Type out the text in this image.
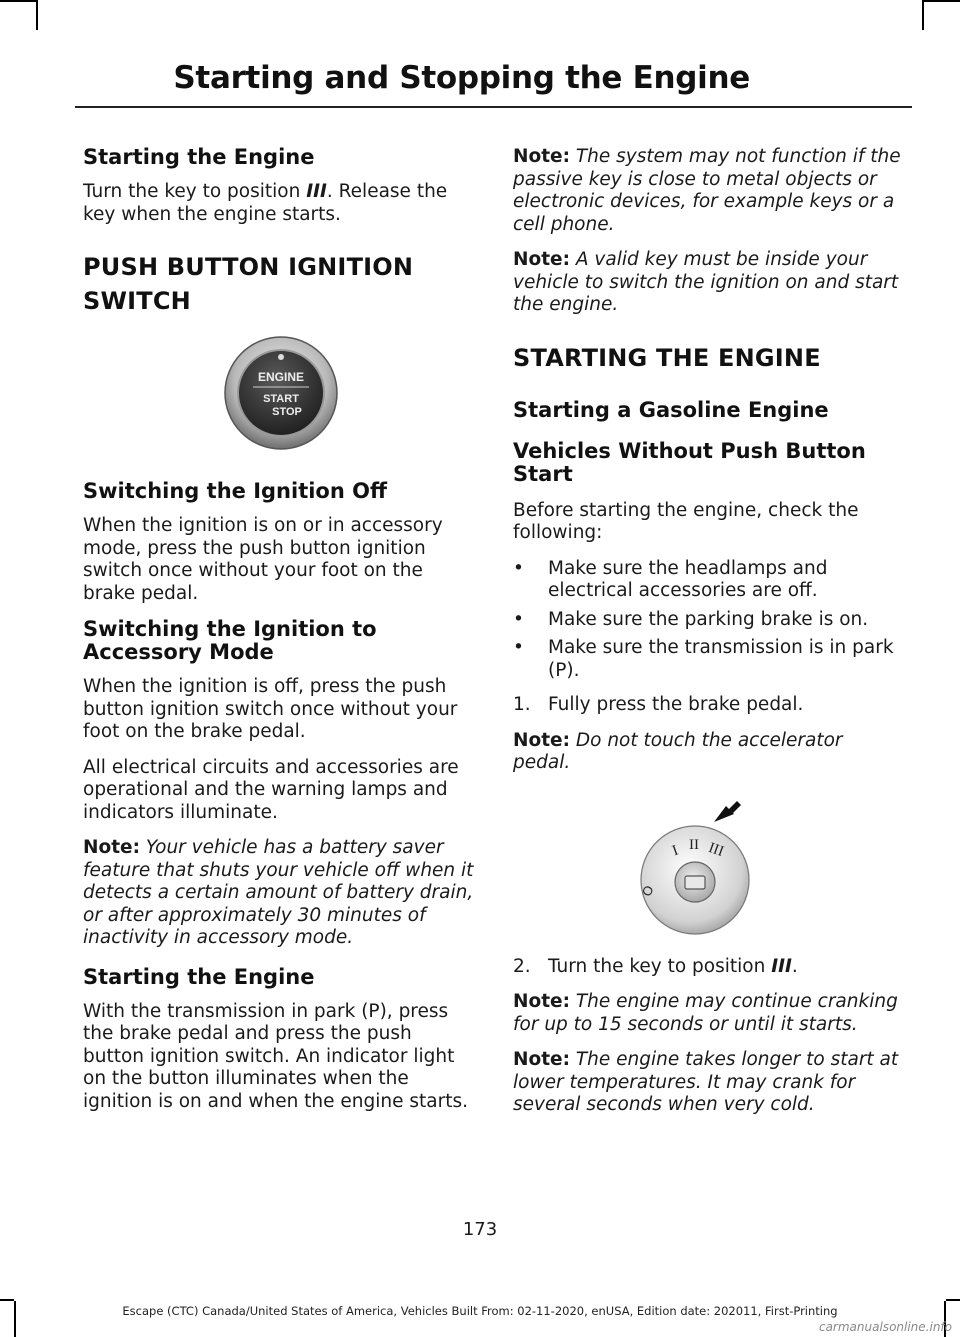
Starting and Stopping the Engine
Starting the Engine

Turn the key to position III. Release the key when the engine starts.

PUSH BUTTON IGNITION
SWITCH
ENGINE
START
STOP
Switching the Ignition Off

When the ignition is on or in accessory mode, press the push button ignition switch once without your foot on the brake pedal.

Switching the Ignition to Accessory Mode

When the ignition is off, press the push button ignition switch once without your foot on the brake pedal.

All electrical circuits and accessories are operational and the warning lamps and indicators illuminate.

Note: Your vehicle has a battery saver feature that shuts your vehicle off when it detects a certain amount of battery drain, or after approximately 30 minutes of inactivity in accessory mode.

Starting the Engine

With the transmission in park (P), press the brake pedal and press the push button ignition switch. An indicator light on the button illuminates when the ignition is on and when the engine starts.

Note: The system may not function if the passive key is close to metal objects or electronic devices, for example keys or a cell phone.

Note: A valid key must be inside your vehicle to switch the ignition on and start the engine.

STARTING THE ENGINE
Starting a Gasoline Engine
Vehicles Without Push Button Start

Before starting the engine, check the following:

• Make sure the headlamps and electrical accessories are off.
• Make sure the parking brake is on.
• Make sure the transmission is in park (P).

1. Fully press the brake pedal.

Note: Do not touch the accelerator pedal.

O
I II III

2. Turn the key to position III.

Note: The engine may continue cranking for up to 15 seconds or until it starts.

Note: The engine takes longer to start at lower temperatures. It may crank for several seconds when very cold.

173
Escape (CTC) Canada/United States of America, Vehicles Built From: 02-11-2020, enUSA, Edition date: 202011, First-Printing
carmanualsonline.info
